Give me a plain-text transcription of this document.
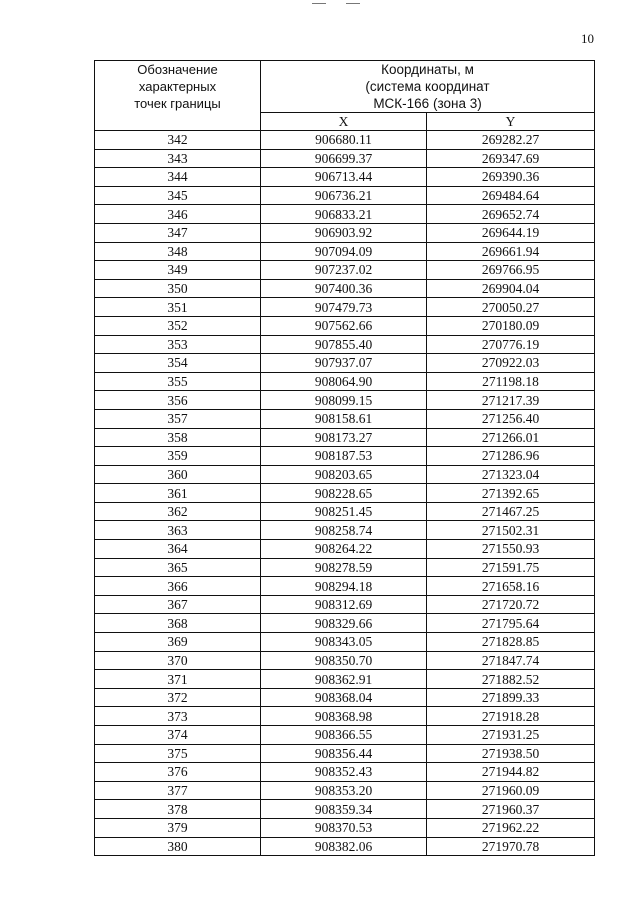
10
Обозначение
характерных
точек границы	Координаты, м
(система координат
МСК-166 (зона 3)	

	X	Y
342	906680.11	269282.27
343	906699.37	269347.69
344	906713.44	269390.36
345	906736.21	269484.64
346	906833.21	269652.74
347	906903.92	269644.19
348	907094.09	269661.94
349	907237.02	269766.95
350	907400.36	269904.04
351	907479.73	270050.27
352	907562.66	270180.09
353	907855.40	270776.19
354	907937.07	270922.03
355	908064.90	271198.18
356	908099.15	271217.39
357	908158.61	271256.40
358	908173.27	271266.01
359	908187.53	271286.96
360	908203.65	271323.04
361	908228.65	271392.65
362	908251.45	271467.25
363	908258.74	271502.31
364	908264.22	271550.93
365	908278.59	271591.75
366	908294.18	271658.16
367	908312.69	271720.72
368	908329.66	271795.64
369	908343.05	271828.85
370	908350.70	271847.74
371	908362.91	271882.52
372	908368.04	271899.33
373	908368.98	271918.28
374	908366.55	271931.25
375	908356.44	271938.50
376	908352.43	271944.82
377	908353.20	271960.09
378	908359.34	271960.37
379	908370.53	271962.22
380	908382.06	271970.78
